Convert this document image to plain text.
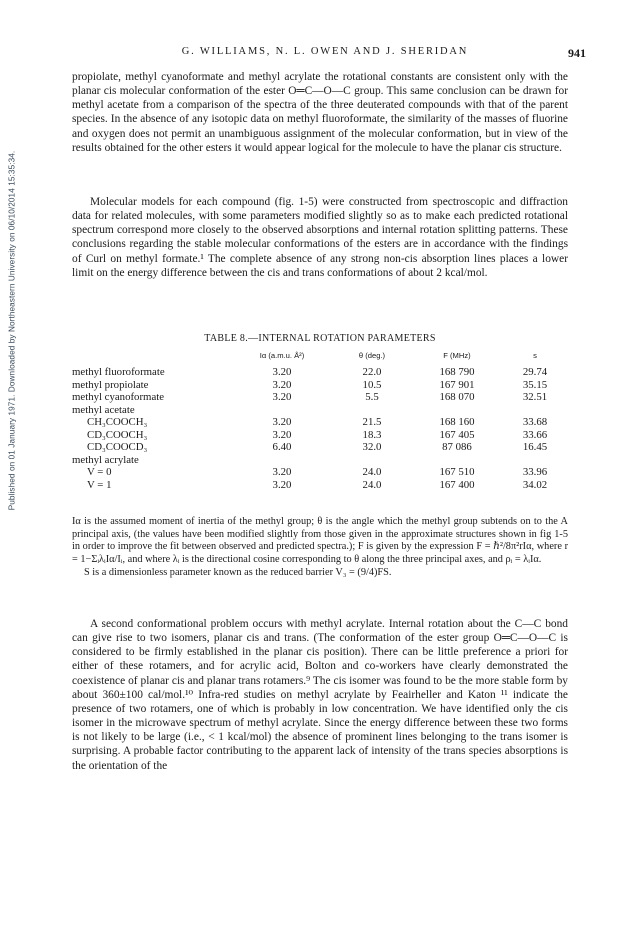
Published on 01 January 1971. Downloaded by Northeastern University on 06/10/2014 15:35:34.
G. WILLIAMS, N. L. OWEN AND J. SHERIDAN	941

propiolate, methyl cyanoformate and methyl acrylate the rotational constants are consistent only with the planar cis molecular conformation of the ester O═C—O—C group. This same conclusion can be drawn for methyl acetate from a comparison of the spectra of the three deuterated compounds with that of the parent species. In the absence of any isotopic data on methyl fluoroformate, the similarity of the masses of fluorine and oxygen does not permit an unambiguous assignment of the molecular conformation, but in view of the results obtained for the other esters it would appear logical for the molecule to have the planar cis structure.

Molecular models for each compound (fig. 1-5) were constructed from spectroscopic and diffraction data for related molecules, with some parameters modified slightly so as to make each predicted rotational spectrum correspond more closely to the observed absorptions and internal rotation splitting patterns. These conclusions regarding the stable molecular conformations of the esters are in accordance with the findings of Curl on methyl formate.¹ The complete absence of any strong non-cis absorption lines places a lower limit on the energy difference between the cis and trans conformations of about 2 kcal/mol.

TABLE 8.—INTERNAL ROTATION PARAMETERS
	Iα (a.m.u. Å²)	θ (deg.)	F (MHz)	s
methyl fluoroformate	3.20	22.0	168 790	29.74
methyl propiolate	3.20	10.5	167 901	35.15
methyl cyanoformate	3.20	5.5	168 070	32.51
methyl acetate				
CH₃COOCH₃	3.20	21.5	168 160	33.68
CD₃COOCH₃	3.20	18.3	167 405	33.66
CD₃COOCD₃	6.40	32.0	87 086	16.45
methyl acrylate				
V = 0	3.20	24.0	167 510	33.96
V = 1	3.20	24.0	167 400	34.02

Iα is the assumed moment of inertia of the methyl group; θ is the angle which the methyl group subtends on to the A principal axis, (the values have been modified slightly from those given in the approximate structures shown in fig 1-5 in order to improve the fit between observed and predicted spectra.); F is given by the expression F = ℏ²/8π²rIα, where r = 1−ΣᵢλᵢIα/Iᵢ, and where λᵢ is the directional cosine corresponding to θ along the three principal axes, and ρᵢ = λᵢIα.

S is a dimensionless parameter known as the reduced barrier V₃ = (9/4)FS.

A second conformational problem occurs with methyl acrylate. Internal rotation about the C—C bond can give rise to two isomers, planar cis and trans. (The conformation of the ester group O═C—O—C is considered to be firmly established in the planar cis position). There can be little preference a priori for either of these rotamers, and for acrylic acid, Bolton and co-workers have clearly demonstrated the coexistence of planar cis and planar trans rotamers.⁹ The cis isomer was found to be the more stable form by about 360±100 cal/mol.¹⁰ Infra-red studies on methyl acrylate by Feairheller and Katon ¹¹ indicate the presence of two rotamers, one of which is probably in low concentration. We have identified only the cis isomer in the microwave spectrum of methyl acrylate. Since the energy difference between these two forms is not likely to be large (i.e., < 1 kcal/mol) the absence of prominent lines belonging to the trans isomer is surprising. A probable factor contributing to the apparent lack of intensity of the trans species absorptions is the orientation of the
